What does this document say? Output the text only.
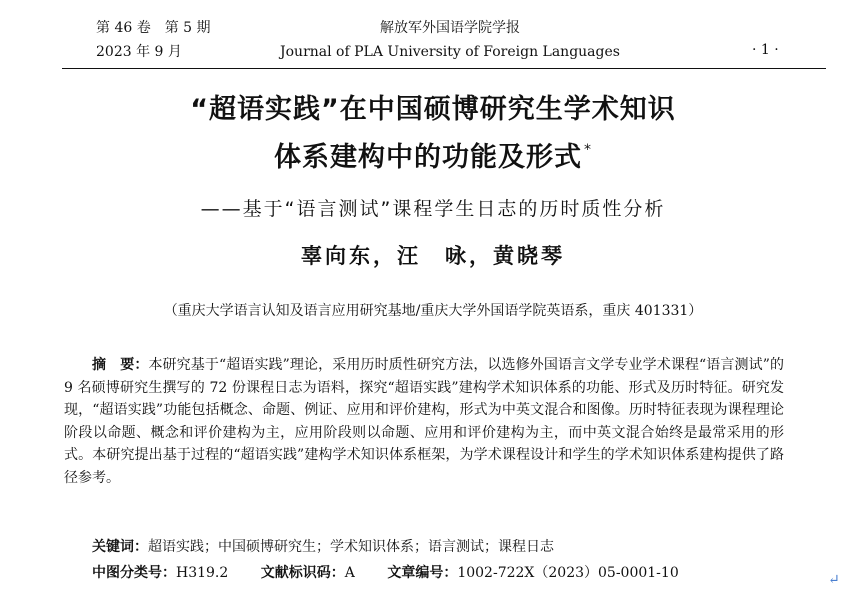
第 46 卷　第 5 期
2023 年 9 月
解放军外国语学院学报
Journal of PLA University of Foreign Languages	· 1 ·
“超语实践”在中国硕博研究生学术知识
体系建构中的功能及形式 *
——基于“语言测试”课程学生日志的历时质性分析
辜向东，汪　咏，黄晓琴
（重庆大学语言认知及语言应用研究基地/重庆大学外国语学院英语系，重庆 401331）

摘　要：本研究基于“超语实践”理论，采用历时质性研究方法，以选修外国语言文学专业学术课程“语言测试”的 9 名硕博研究生撰写的 72 份课程日志为语料，探究“超语实践”建构学术知识体系的功能、形式及历时特征。研究发现，“超语实践”功能包括概念、命题、例证、应用和评价建构，形式为中英文混合和图像。历时特征表现为课程理论阶段以命题、概念和评价建构为主，应用阶段则以命题、应用和评价建构为主，而中英文混合始终是最常采用的形式。本研究提出基于过程的“超语实践”建构学术知识体系框架，为学术课程设计和学生的学术知识体系建构提供了路径参考。

关键词：超语实践；中国硕博研究生；学术知识体系；语言测试；课程日志
中图分类号：H319.2 文献标识码：A 文章编号：1002-722X（2023）05-0001-10	↵
